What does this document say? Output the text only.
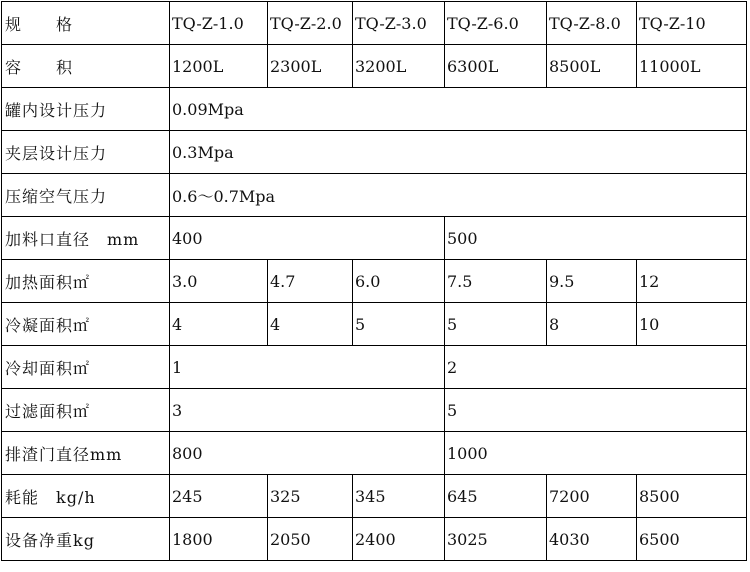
规　　格	TQ-Z-1.0	TQ-Z-2.0	TQ-Z-3.0	TQ-Z-6.0	TQ-Z-8.0	TQ-Z-10
容　　积	1200L	2300L	3200L	6300L	8500L	11000L
罐内设计压力	0.09Mpa					
夹层设计压力	0.3Mpa					
压缩空气压力	0.6～0.7Mpa					
加料口直径　mm	400			500		
加热面积㎡	3.0	4.7	6.0	7.5	9.5	12
冷凝面积㎡	4	4	5	5	8	10
冷却面积㎡	1			2		
过滤面积㎡	3			5		
排渣门直径mm	800			1000		
耗能　kg/h	245	325	345	645	7200	8500
设备净重kg	1800	2050	2400	3025	4030	6500
